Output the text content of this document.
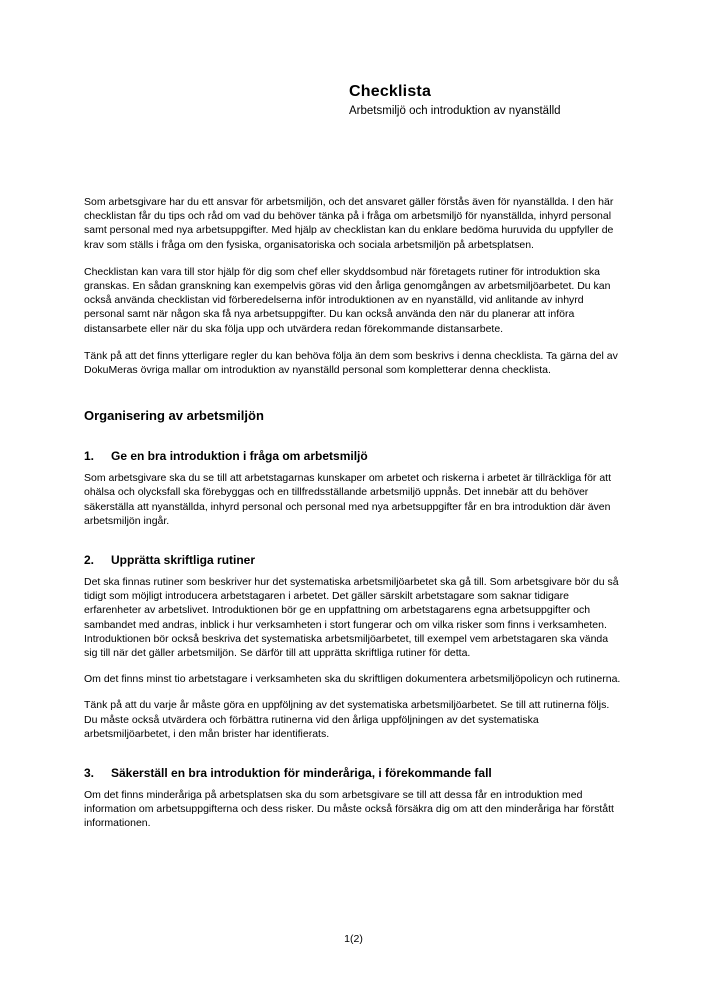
Checklista
Arbetsmiljö och introduktion av nyanställd

Som arbetsgivare har du ett ansvar för arbetsmiljön, och det ansvaret gäller förstås även för nyanställda. I den här checklistan får du tips och råd om vad du behöver tänka på i fråga om arbetsmiljö för nyanställda, inhyrd personal samt personal med nya arbetsuppgifter. Med hjälp av checklistan kan du enklare bedöma huruvida du uppfyller de krav som ställs i fråga om den fysiska, organisatoriska och sociala arbetsmiljön på arbetsplatsen.

Checklistan kan vara till stor hjälp för dig som chef eller skyddsombud när företagets rutiner för introduktion ska granskas. En sådan granskning kan exempelvis göras vid den årliga genomgången av arbetsmiljöarbetet. Du kan också använda checklistan vid förberedelserna inför introduktionen av en nyanställd, vid anlitande av inhyrd personal samt när någon ska få nya arbetsuppgifter. Du kan också använda den när du planerar att införa distansarbete eller när du ska följa upp och utvärdera redan förekommande distansarbete.

Tänk på att det finns ytterligare regler du kan behöva följa än dem som beskrivs i denna checklista. Ta gärna del av DokuMeras övriga mallar om introduktion av nyanställd personal som kompletterar denna checklista.

Organisering av arbetsmiljön
1.	Ge en bra introduktion i fråga om arbetsmiljö

Som arbetsgivare ska du se till att arbetstagarnas kunskaper om arbetet och riskerna i arbetet är tillräckliga för att ohälsa och olycksfall ska förebyggas och en tillfredsställande arbetsmiljö uppnås. Det innebär att du behöver säkerställa att nyanställda, inhyrd personal och personal med nya arbetsuppgifter får en bra introduktion där även arbetsmiljön ingår.

2.	Upprätta skriftliga rutiner

Det ska finnas rutiner som beskriver hur det systematiska arbetsmiljöarbetet ska gå till. Som arbetsgivare bör du så tidigt som möjligt introducera arbetstagaren i arbetet. Det gäller särskilt arbetstagare som saknar tidigare erfarenheter av arbetslivet. Introduktionen bör ge en uppfattning om arbetstagarens egna arbetsuppgifter och sambandet med andras, inblick i hur verksamheten i stort fungerar och om vilka risker som finns i verksamheten. Introduktionen bör också beskriva det systematiska arbetsmiljöarbetet, till exempel vem arbetstagaren ska vända sig till när det gäller arbetsmiljön. Se därför till att upprätta skriftliga rutiner för detta.

Om det finns minst tio arbetstagare i verksamheten ska du skriftligen dokumentera arbetsmiljöpolicyn och rutinerna.

Tänk på att du varje år måste göra en uppföljning av det systematiska arbetsmiljöarbetet. Se till att rutinerna följs. Du måste också utvärdera och förbättra rutinerna vid den årliga uppföljningen av det systematiska arbetsmiljöarbetet, i den mån brister har identifierats.

3.	Säkerställ en bra introduktion för minderåriga, i förekommande fall

Om det finns minderåriga på arbetsplatsen ska du som arbetsgivare se till att dessa får en introduktion med information om arbetsuppgifterna och dess risker. Du måste också försäkra dig om att den minderåriga har förstått informationen.

1(2)
